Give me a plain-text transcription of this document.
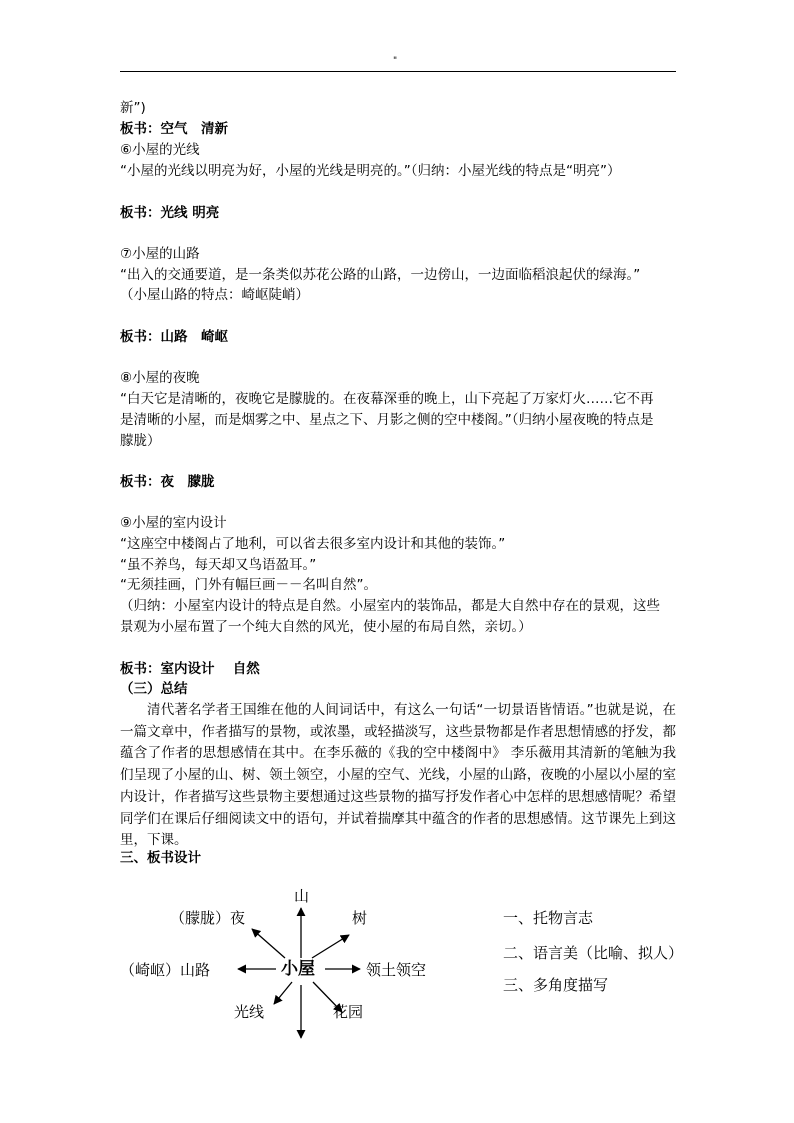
"
新”)
板书：空气　清新
⑥小屋的光线
“小屋的光线以明亮为好，小屋的光线是明亮的。”（归纳：小屋光线的特点是“明亮”）
板书：光线 明亮
⑦小屋的山路
“出入的交通要道，是一条类似苏花公路的山路，一边傍山，一边面临稻浪起伏的绿海。”
（小屋山路的特点：崎岖陡峭）
板书：山路　崎岖
⑧小屋的夜晚
“白天它是清晰的，夜晚它是朦胧的。在夜幕深垂的晚上，山下亮起了万家灯火……它不再
是清晰的小屋，而是烟雾之中、星点之下、月影之侧的空中楼阁。”（归纳小屋夜晚的特点是
朦胧）
板书：夜　朦胧
⑨小屋的室内设计
“这座空中楼阁占了地利，可以省去很多室内设计和其他的装饰。”
“虽不养鸟，每天却又鸟语盈耳。”
“无须挂画，门外有幅巨画－－名叫自然”。
（归纳：小屋室内设计的特点是自然。小屋室内的装饰品，都是大自然中存在的景观，这些
景观为小屋布置了一个纯大自然的风光，使小屋的布局自然，亲切。）
板书：室内设计　 自然
（三）总结
清代著名学者王国维在他的人间词话中，有这么一句话“一切景语皆情语。”也就是说，在一篇文章中，作者描写的景物，或浓墨，或轻描淡写，这些景物都是作者思想情感的抒发，都蕴含了作者的思想感情在其中。在李乐薇的《我的空中楼阁中》 李乐薇用其清新的笔触为我们呈现了小屋的山、树、领土领空，小屋的空气、光线，小屋的山路，夜晚的小屋以小屋的室内设计，作者描写这些景物主要想通过这些景物的描写抒发作者心中怎样的思想感情呢？希望同学们在课后仔细阅读文中的语句，并试着揣摩其中蕴含的作者的思想感情。这节课先上到这里，下课。
三、板书设计
小屋
山
树
领土领空
花园
光线
（崎岖）山路
（朦胧）夜	一、托物言志
二、语言美（比喻、拟人）
三、多角度描写
